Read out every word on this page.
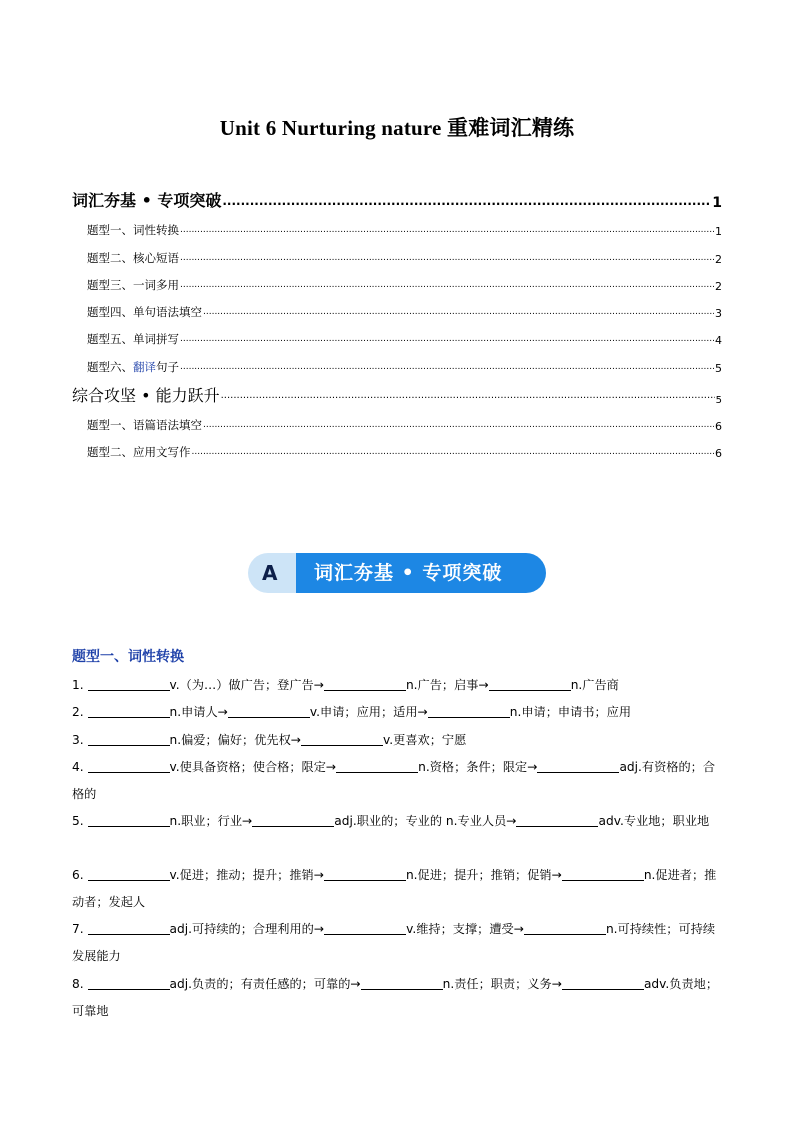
Unit 6 Nurturing nature 重难词汇精练
词汇夯基 • 专项突破 .....	1
题型一、词性转换 .....	1
题型二、核心短语 .....	2
题型三、一词多用 .....	2
题型四、单句语法填空 .....	3
题型五、单词拼写 .....	4
题型六、翻译句子 .....	5
综合攻坚 • 能力跃升 .....	5
题型一、语篇语法填空 .....	6
题型二、应用文写作 .....	6
词汇夯基 • 专项突破
A
题型一、词性转换
1.	v.（为…）做广告；登广告→	n.广告；启事→	n.广告商
2.	n.申请人→	v.申请；应用；适用→	n.申请；申请书；应用
3.	n.偏爱；偏好；优先权→	v.更喜欢；宁愿
4.	v.使具备资格；使合格；限定→	n.资格；条件；限定→	adj.有资格的；合格的
5.	n.职业；行业→	adj.职业的；专业的 n.专业人员→	adv.专业地；职业地
6.	v.促进；推动；提升；推销→	n.促进；提升；推销；促销→	n.促进者；推动者；发起人
7.	adj.可持续的；合理利用的→	v.维持；支撑；遭受→	n.可持续性；可持续发展能力
8.	adj.负责的；有责任感的；可靠的→	n.责任；职责；义务→	adv.负责地；可靠地
